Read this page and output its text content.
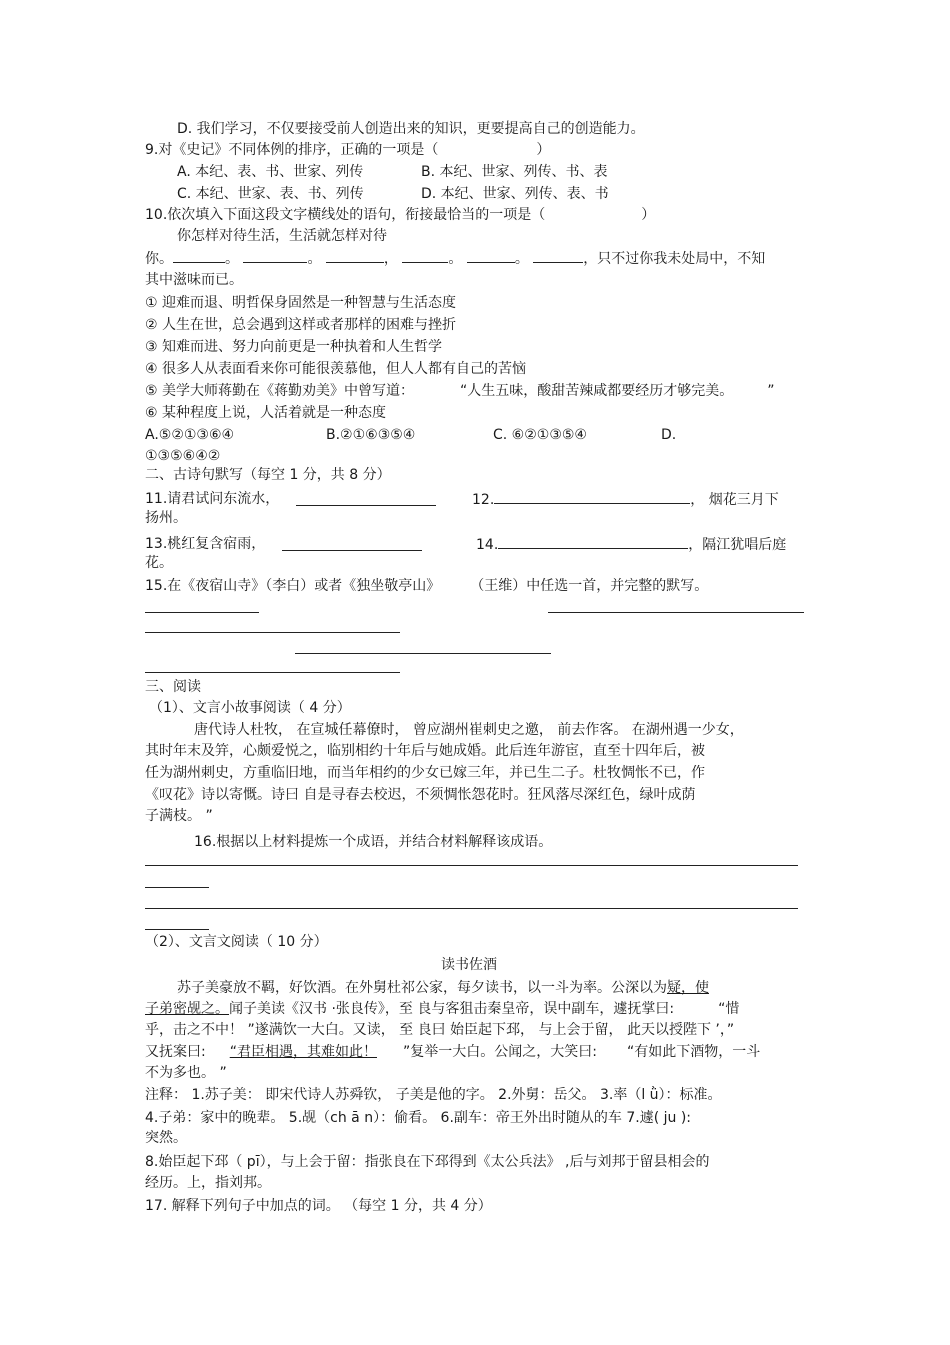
D. 我们学习，不仅要接受前人创造出来的知识，更要提高自己的创造能力。
9.对《史记》不同体例的排序，正确的一项是（	）
A. 本纪、表、书、世家、列传	B. 本纪、世家、列传、书、表
C. 本纪、世家、表、书、列传	D. 本纪、世家、列传、表、书
10.依次填入下面这段文字横线处的语句，衔接最恰当的一项是（	）
你怎样对待生活，生活就怎样对待
你。	。	。	，	。	。	，只不过你我未处局中，不知
其中滋味而已。
① 迎难而退、明哲保身固然是一种智慧与生活态度
② 人生在世，总会遇到这样或者那样的困难与挫折
③ 知难而进、努力向前更是一种执着和人生哲学
④ 很多人从表面看来你可能很羡慕他，但人人都有自己的苦恼
⑤ 美学大师蒋勤在《蒋勤劝美》中曾写道：	“人生五味，酸甜苦辣咸都要经历才够完美。 ”
⑥ 某种程度上说，人活着就是一种态度
A.⑤②①③⑥④	B.②①⑥③⑤④	C. ⑥②①③⑤④	D.
①③⑤⑥④②
二、古诗句默写（每空 1 分，共 8 分）
11.请君试问东流水，	12.	， 烟花三月下
扬州。
13.桃红复含宿雨，	14.	，隔江犹唱后庭
花。
15.在《夜宿山寺》（李白）或者《独坐敬亭山》 （王维）中任选一首，并完整的默写。
三、阅读
（1）、文言小故事阅读（ 4 分）
唐代诗人杜牧， 在宣城任幕僚时， 曾应湖州崔刺史之邀， 前去作客。 在湖州遇一少女，
其时年末及笄，心颇爱悦之，临别相约十年后与她成婚。此后连年游宦，直至十四年后，被
任为湖州刺史，方重临旧地，而当年相约的少女已嫁三年，并已生二子。杜牧惆怅不已，作
《叹花》诗以寄慨。诗曰 自是寻春去校迟，不须惆怅怨花时。狂风落尽深红色，绿叶成荫
子满枝。 ”
16.根据以上材料提炼一个成语，并结合材料解释该成语。
（2）、文言文阅读（ 10 分）
读书佐酒
苏子美豪放不羁，好饮酒。在外舅杜祁公家，每夕读书，以一斗为率。公深以为疑，使
子弟密觇之。闻子美读《汉书 ·张良传》，至 良与客狙击秦皇帝，误中副车，遽抚掌曰:	“惜
乎，击之不中！ ”遂满饮一大白。又读， 至 良曰 始臣起下邳， 与上会于留， 此天以授陛下 ’，”
又抚案曰: “君臣相遇，其难如此！ ”复举一大白。公闻之，大笑曰: “有如此下酒物，一斗
不为多也。 ”
注释： 1.苏子美： 即宋代诗人苏舜钦， 子美是他的字。 2.外舅：岳父。 3.率（l ǜ）：标准。
4.子弟：家中的晚辈。 5.觇（ch ā n）：偷看。 6.副车：帝王外出时随从的车 7.遽( ju ):
突然。
8.始臣起下邳（ pī），与上会于留：指张良在下邳得到《太公兵法》 ,后与刘邦于留县相会的
经历。上，指刘邦。
17. 解释下列句子中加点的词。 （每空 1 分，共 4 分）
